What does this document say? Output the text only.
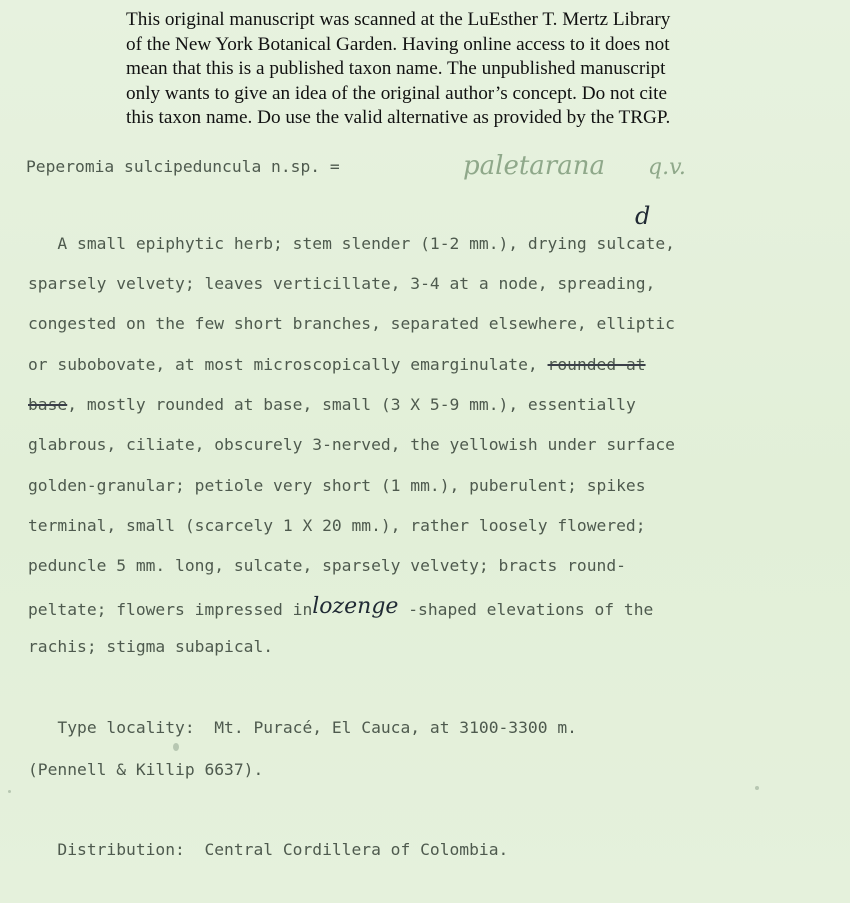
This original manuscript was scanned at the LuEsther T. Mertz Library
of the New York Botanical Garden. Having online access to it does not
mean that this is a published taxon name. The unpublished manuscript
only wants to give an idea of the original author’s concept. Do not cite
this taxon name. Do use the valid alternative as provided by the TRGP.
Peperomia sulcipeduncula n.sp. =	paletarana q.v.
A small epiphytic herb; stem slender (1-2 mm.), drying sulcate,
d
sparsely velvety; leaves verticillate, 3-4 at a node, spreading,
congested on the few short branches, separated elsewhere, elliptic
or subobovate, at most microscopically emarginulate, rounded at
base, mostly rounded at base, small (3 X 5-9 mm.), essentially
glabrous, ciliate, obscurely 3-nerved, the yellowish under surface
golden-granular; petiole very short (1 mm.), puberulent; spikes
terminal, small (scarcely 1 X 20 mm.), rather loosely flowered;
peduncle 5 mm. long, sulcate, sparsely velvety; bracts round-
peltate; flowers impressed inlozenge -shaped elevations of the
rachis; stigma subapical.
Type locality:  Mt. Puracé, El Cauca, at 3100-3300 m.
(Pennell & Killip 6637).
Distribution:  Central Cordillera of Colombia.
